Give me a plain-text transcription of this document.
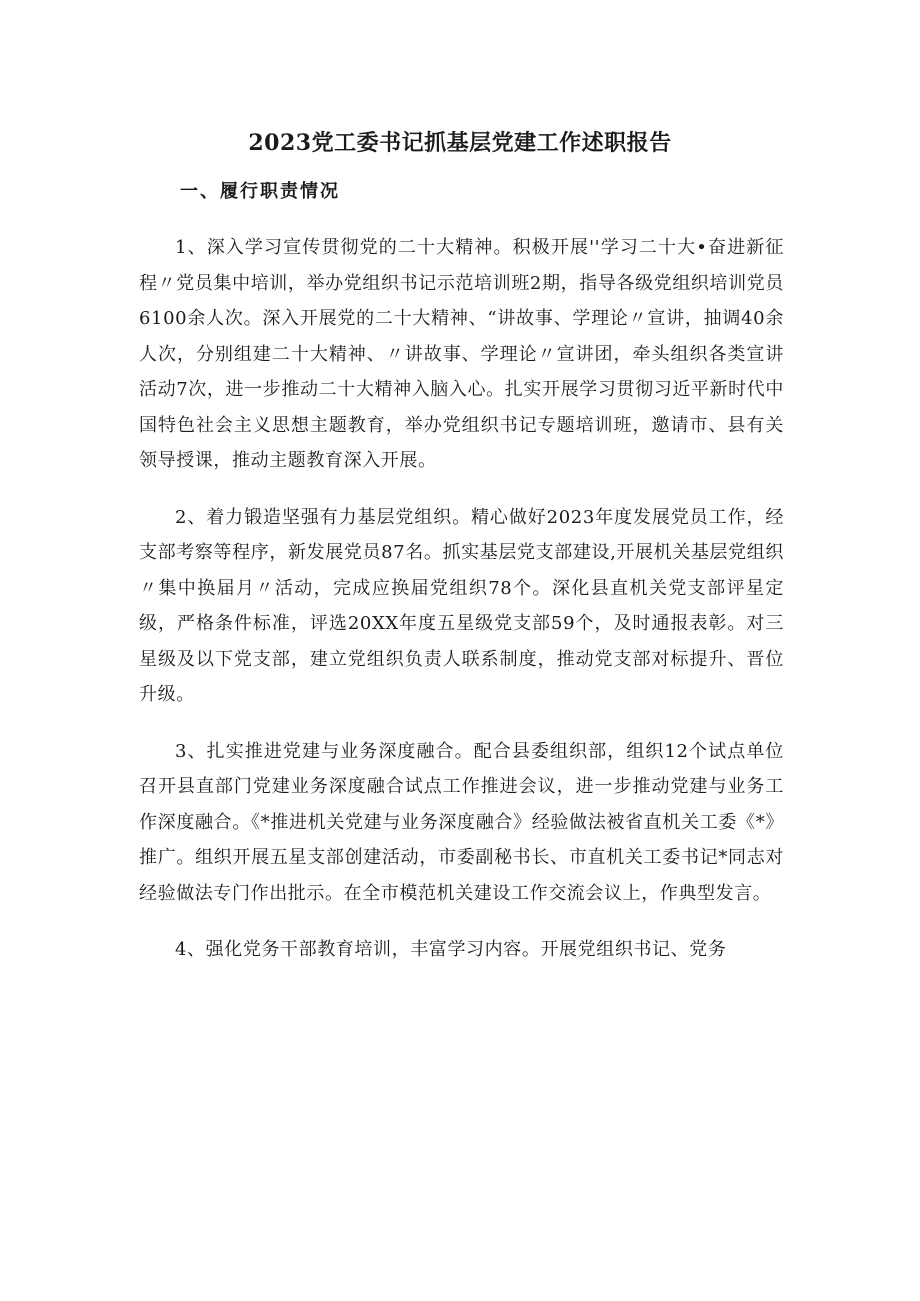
2023党工委书记抓基层党建工作述职报告
一、履行职责情况

1、深入学习宣传贯彻党的二十大精神。积极开展''学习二十大•奋进新征程〃党员集中培训，举办党组织书记示范培训班2期，指导各级党组织培训党员6100余人次。深入开展党的二十大精神、“讲故事、学理论〃宣讲，抽调40余人次，分别组建二十大精神、〃讲故事、学理论〃宣讲团，牵头组织各类宣讲活动7次，进一步推动二十大精神入脑入心。扎实开展学习贯彻习近平新时代中国特色社会主义思想主题教育，举办党组织书记专题培训班，邀请市、县有关领导授课，推动主题教育深入开展。

2、着力锻造坚强有力基层党组织。精心做好2023年度发展党员工作，经支部考察等程序，新发展党员87名。抓实基层党支部建设,开展机关基层党组织〃集中换届月〃活动，完成应换届党组织78个。深化县直机关党支部评星定级，严格条件标准，评选20XX年度五星级党支部59个，及时通报表彰。对三星级及以下党支部，建立党组织负责人联系制度，推动党支部对标提升、晋位升级。

3、扎实推进党建与业务深度融合。配合县委组织部，组织12个试点单位召开县直部门党建业务深度融合试点工作推进会议，进一步推动党建与业务工作深度融合。《*推进机关党建与业务深度融合》经验做法被省直机关工委《*》推广。组织开展五星支部创建活动，市委副秘书长、市直机关工委书记*同志对经验做法专门作出批示。在全市模范机关建设工作交流会议上，作典型发言。

4、强化党务干部教育培训，丰富学习内容。开展党组织书记、党务
